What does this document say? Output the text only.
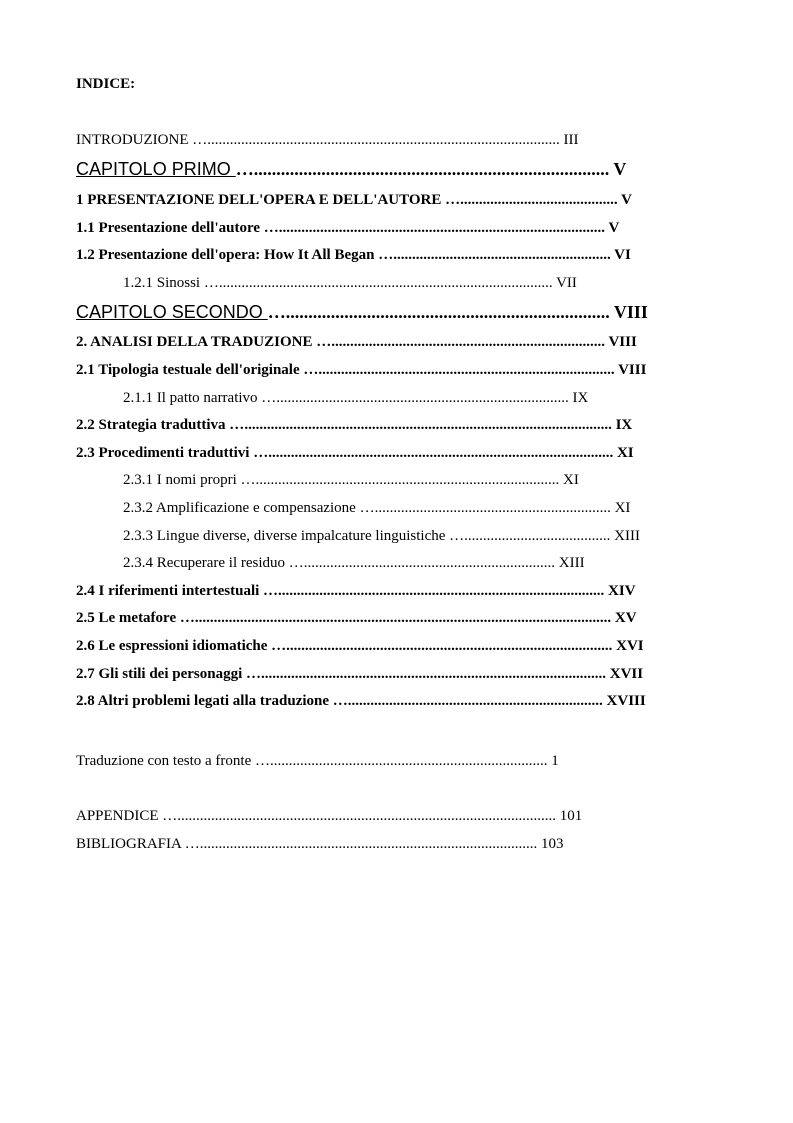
INDICE:
INTRODUZIONE ….............................................................................................. III
CAPITOLO PRIMO …............................................................................... V
1 PRESENTAZIONE DELL'OPERA E DELL'AUTORE ….......................................... V
1.1 Presentazione dell'autore …....................................................................................... V
1.2 Presentazione dell'opera: How It All Began ….......................................................... VI
1.2.1 Sinossi …......................................................................................... VII
CAPITOLO SECONDO …........................................................................ VIII
2. ANALISI DELLA TRADUZIONE …......................................................................... VIII
2.1 Tipologia testuale dell'originale …............................................................................... VIII
2.1.1 Il patto narrativo ….............................................................................. IX
2.2 Strategia traduttiva ….................................................................................................. IX
2.3 Procedimenti traduttivi …............................................................................................ XI
2.3.1 I nomi propri …................................................................................. XI
2.3.2 Amplificazione e compensazione …............................................................... XI
2.3.3 Lingue diverse, diverse impalcature linguistiche …....................................... XIII
2.3.4 Recuperare il residuo …................................................................... XIII
2.4 I riferimenti intertestuali …....................................................................................... XIV
2.5 Le metafore …............................................................................................................... XV
2.6 Le espressioni idiomatiche …....................................................................................... XVI
2.7 Gli stili dei personaggi …............................................................................................ XVII
2.8 Altri problemi legati alla traduzione ….................................................................... XVIII
Traduzione con testo a fronte ….......................................................................... 1
APPENDICE …..................................................................................................... 101
BIBLIOGRAFIA ….......................................................................................... 103
